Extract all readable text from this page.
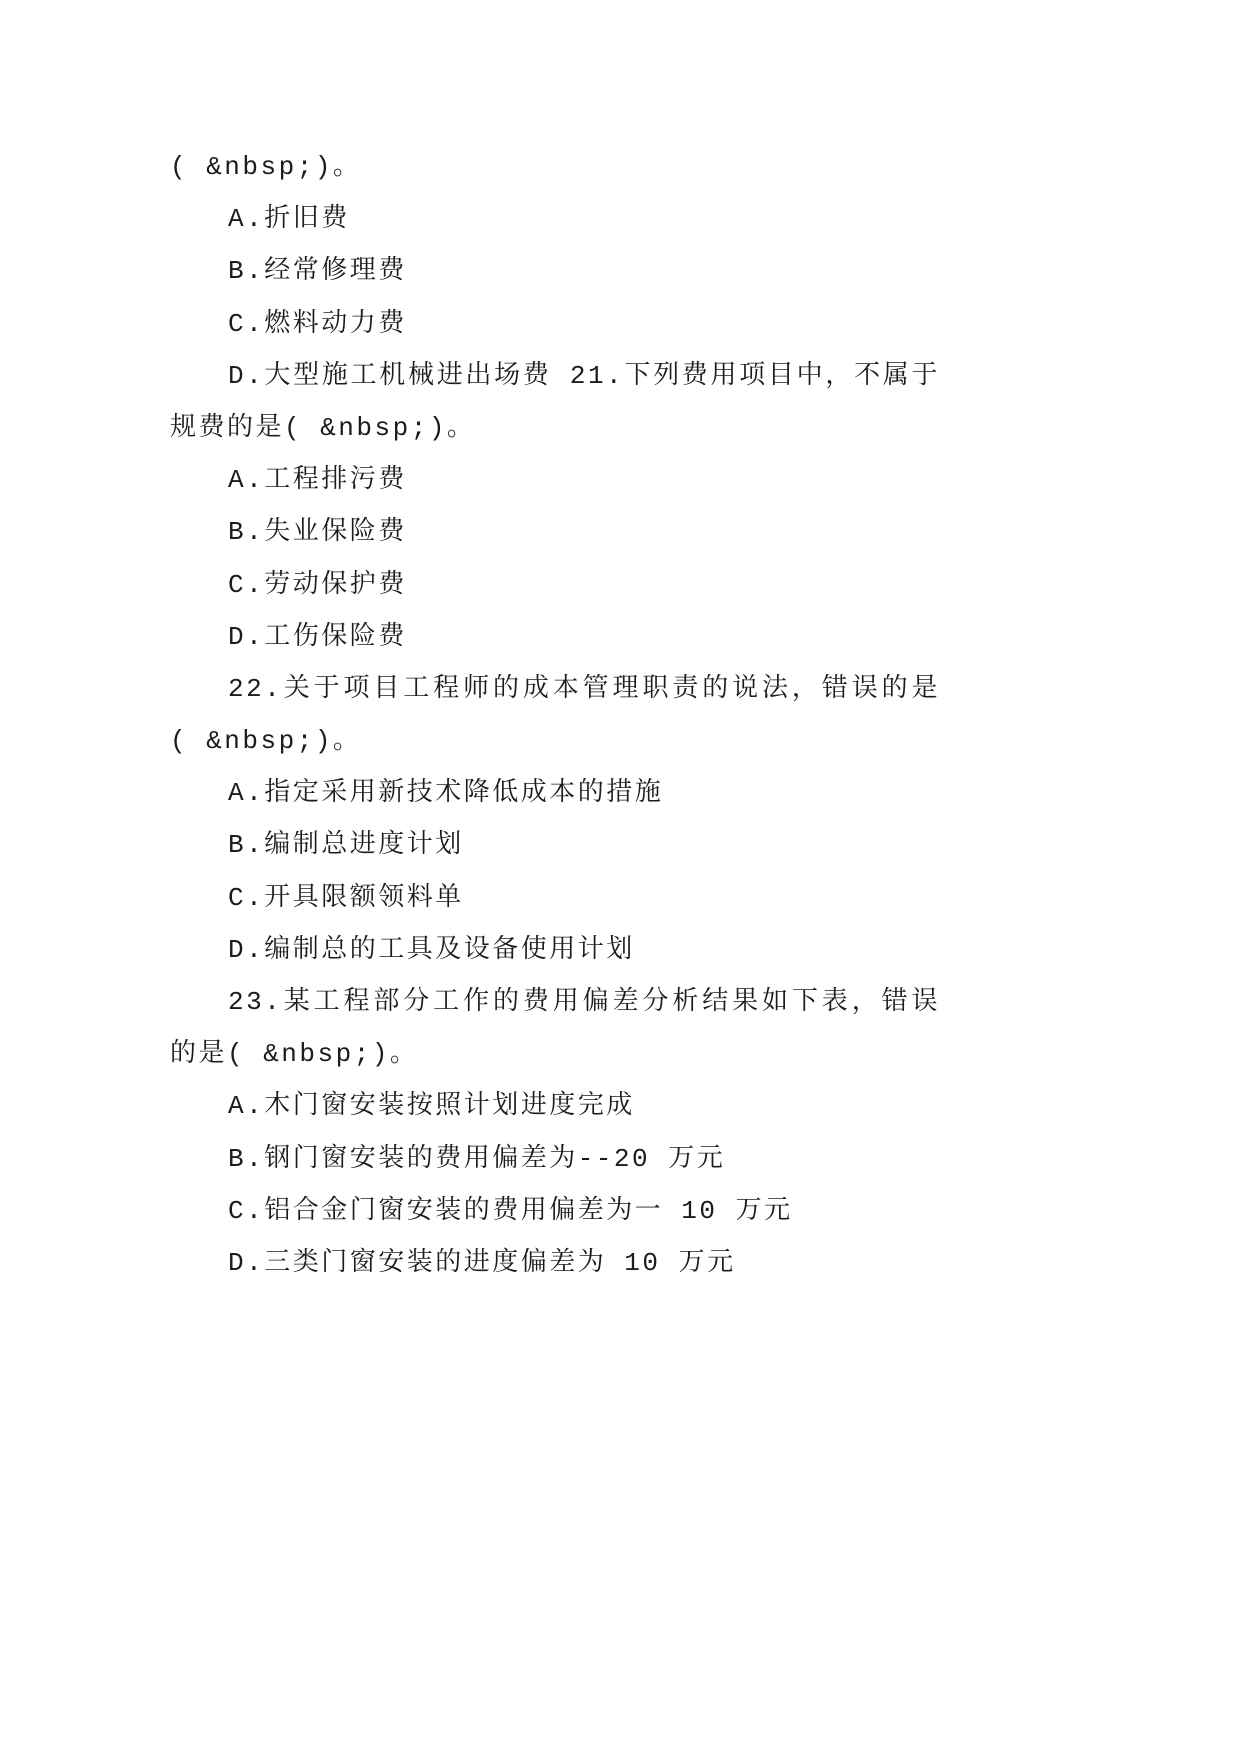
( &nbsp;)。
A.折旧费
B.经常修理费
C.燃料动力费
D.大型施工机械进出场费 21.下列费用项目中，不属于
规费的是( &nbsp;)。
A.工程排污费
B.失业保险费
C.劳动保护费
D.工伤保险费
22.关于项目工程师的成本管理职责的说法，错误的是
( &nbsp;)。
A.指定采用新技术降低成本的措施
B.编制总进度计划
C.开具限额领料单
D.编制总的工具及设备使用计划
23.某工程部分工作的费用偏差分析结果如下表，错误
的是( &nbsp;)。
A.木门窗安装按照计划进度完成
B.钢门窗安装的费用偏差为--20 万元
C.铝合金门窗安装的费用偏差为一 10 万元
D.三类门窗安装的进度偏差为 10 万元
